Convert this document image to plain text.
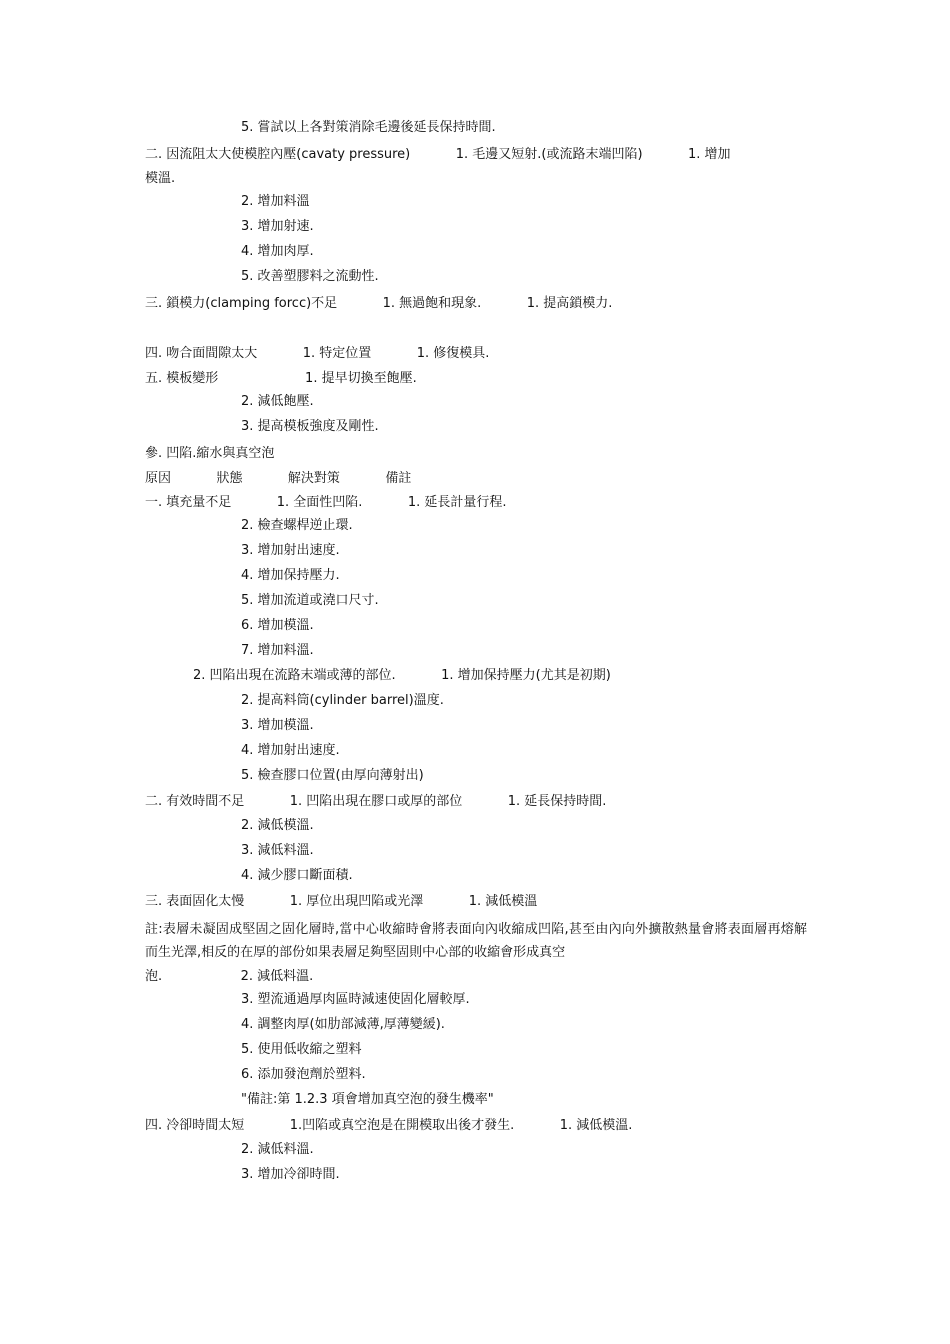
5. 嘗試以上各對策消除毛邊後延長保持時間.
二. 因流阻太大使模腔內壓(cavaty pressure)           1. 毛邊又短射.(或流路末端凹陷)           1. 增加
模溫.
2. 增加料溫
3. 增加射速.
4. 增加肉厚.
5. 改善塑膠料之流動性.
三. 鎖模力(clamping forcc)不足           1. 無過飽和現象.           1. 提高鎖模力.
四. 吻合面間隙太大           1. 特定位置           1. 修復模具.
五. 模板變形                     1. 提早切換至飽壓.
2. 減低飽壓.
3. 提高模板強度及剛性.
參. 凹陷.縮水與真空泡
原因           狀態           解決對策           備註
一. 填充量不足           1. 全面性凹陷.           1. 延長計量行程.
2. 檢查螺桿逆止環.
3. 增加射出速度.
4. 增加保持壓力.
5. 增加流道或澆口尺寸.
6. 增加模溫.
7. 增加料溫.
2. 凹陷出現在流路末端或薄的部位.           1. 增加保持壓力(尤其是初期)
2. 提高料筒(cylinder barrel)溫度.
3. 增加模溫.
4. 增加射出速度.
5. 檢查膠口位置(由厚向薄射出)
二. 有效時間不足           1. 凹陷出現在膠口或厚的部位           1. 延長保持時間.
2. 減低模溫.
3. 減低料溫.
4. 減少膠口斷面積.
三. 表面固化太慢           1. 厚位出現凹陷或光澤           1. 減低模溫
註:表層未凝固成堅固之固化層時,當中心收縮時會將表面向內收縮成凹陷,甚至由內向外擴散熱量會將表面層再熔解而生光澤,相反的在厚的部份如果表層足夠堅固則中心部的收縮會形成真空
泡.                   2. 減低料溫.
3. 塑流通過厚肉區時減速使固化層較厚.
4. 調整肉厚(如肋部減薄,厚薄變緩).
5. 使用低收縮之塑料
6. 添加發泡劑於塑料.
"備註:第 1.2.3 項會增加真空泡的發生機率"
四. 冷卻時間太短           1.凹陷或真空泡是在開模取出後才發生.           1. 減低模溫.
2. 減低料溫.
3. 增加冷卻時間.
